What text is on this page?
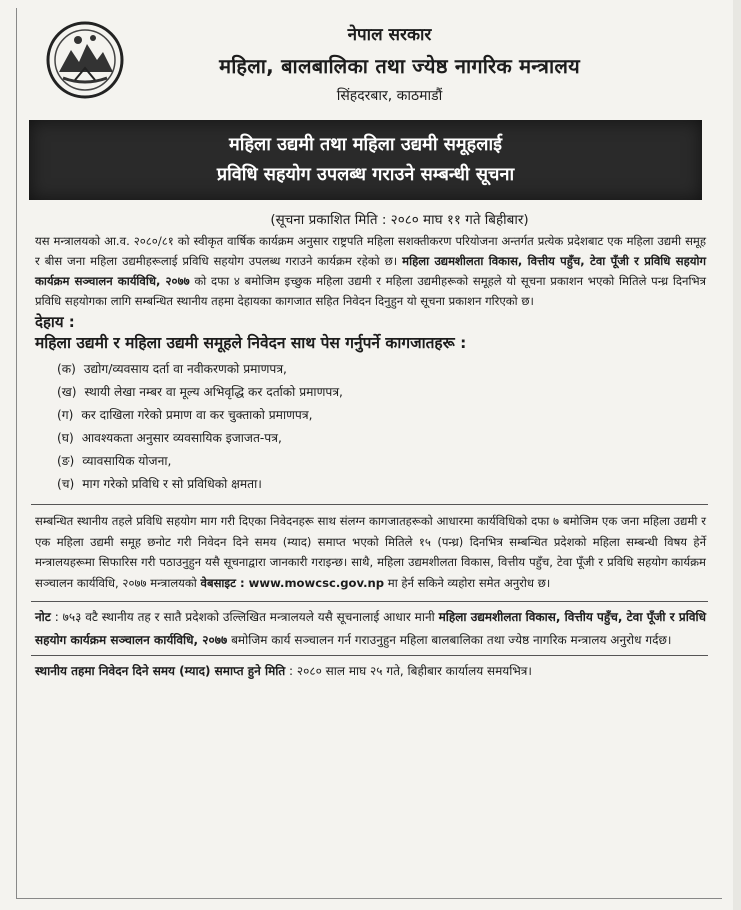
नेपाल सरकार
महिला, बालबालिका तथा ज्येष्ठ नागरिक मन्त्रालय
सिंहदरबार, काठमाडौं
महिला उद्यमी तथा महिला उद्यमी समूहलाई
प्रविधि सहयोग उपलब्ध गराउने सम्बन्धी सूचना
(सूचना प्रकाशित मिति : २०८० माघ ११ गते बिहीबार)

यस मन्त्रालयको आ.व. २०८०/८१ को स्वीकृत वार्षिक कार्यक्रम अनुसार राष्ट्रपति महिला सशक्तीकरण परियोजना अन्तर्गत प्रत्येक प्रदेशबाट एक महिला उद्यमी समूह र बीस जना महिला उद्यमीहरूलाई प्रविधि सहयोग उपलब्ध गराउने कार्यक्रम रहेको छ। महिला उद्यमशीलता विकास, वित्तीय पहुँच, टेवा पूँजी र प्रविधि सहयोग कार्यक्रम सञ्चालन कार्यविधि, २०७७ को दफा ४ बमोजिम इच्छुक महिला उद्यमी र महिला उद्यमीहरूको समूहले यो सूचना प्रकाशन भएको मितिले पन्ध्र दिनभित्र प्रविधि सहयोगका लागि सम्बन्धित स्थानीय तहमा देहायका कागजात सहित निवेदन दिनुहुन यो सूचना प्रकाशन गरिएको छ।

देहाय :
महिला उद्यमी र महिला उद्यमी समूहले निवेदन साथ पेस गर्नुपर्ने कागजातहरू :
(क) उद्योग/व्यवसाय दर्ता वा नवीकरणको प्रमाणपत्र,
(ख) स्थायी लेखा नम्बर वा मूल्य अभिवृद्धि कर दर्ताको प्रमाणपत्र,
(ग) कर दाखिला गरेको प्रमाण वा कर चुक्ताको प्रमाणपत्र,
(घ) आवश्यकता अनुसार व्यवसायिक इजाजत-पत्र,
(ङ) व्यावसायिक योजना,
(च) माग गरेको प्रविधि र सो प्रविधिको क्षमता।

सम्बन्धित स्थानीय तहले प्रविधि सहयोग माग गरी दिएका निवेदनहरू साथ संलग्न कागजातहरूको आधारमा कार्यविधिको दफा ७ बमोजिम एक जना महिला उद्यमी र एक महिला उद्यमी समूह छनोट गरी निवेदन दिने समय (म्याद) समाप्त भएको मितिले १५ (पन्ध्र) दिनभित्र सम्बन्धित प्रदेशको महिला सम्बन्धी विषय हेर्ने मन्त्रालयहरूमा सिफारिस गरी पठाउनुहुन यसै सूचनाद्वारा जानकारी गराइन्छ। साथै, महिला उद्यमशीलता विकास, वित्तीय पहुँच, टेवा पूँजी र प्रविधि सहयोग कार्यक्रम सञ्चालन कार्यविधि, २०७७ मन्त्रालयको वेबसाइट : www.mowcsc.gov.np मा हेर्न सकिने व्यहोरा समेत अनुरोध छ।

नोट : ७५३ वटै स्थानीय तह र सातै प्रदेशको उल्लिखित मन्त्रालयले यसै सूचनालाई आधार मानी महिला उद्यमशीलता विकास, वित्तीय पहुँच, टेवा पूँजी र प्रविधि सहयोग कार्यक्रम सञ्चालन कार्यविधि, २०७७ बमोजिम कार्य सञ्चालन गर्न गराउनुहुन महिला बालबालिका तथा ज्येष्ठ नागरिक मन्त्रालय अनुरोध गर्दछ।

स्थानीय तहमा निवेदन दिने समय (म्याद) समाप्त हुने मिति : २०८० साल माघ २५ गते, बिहीबार कार्यालय समयभित्र।
